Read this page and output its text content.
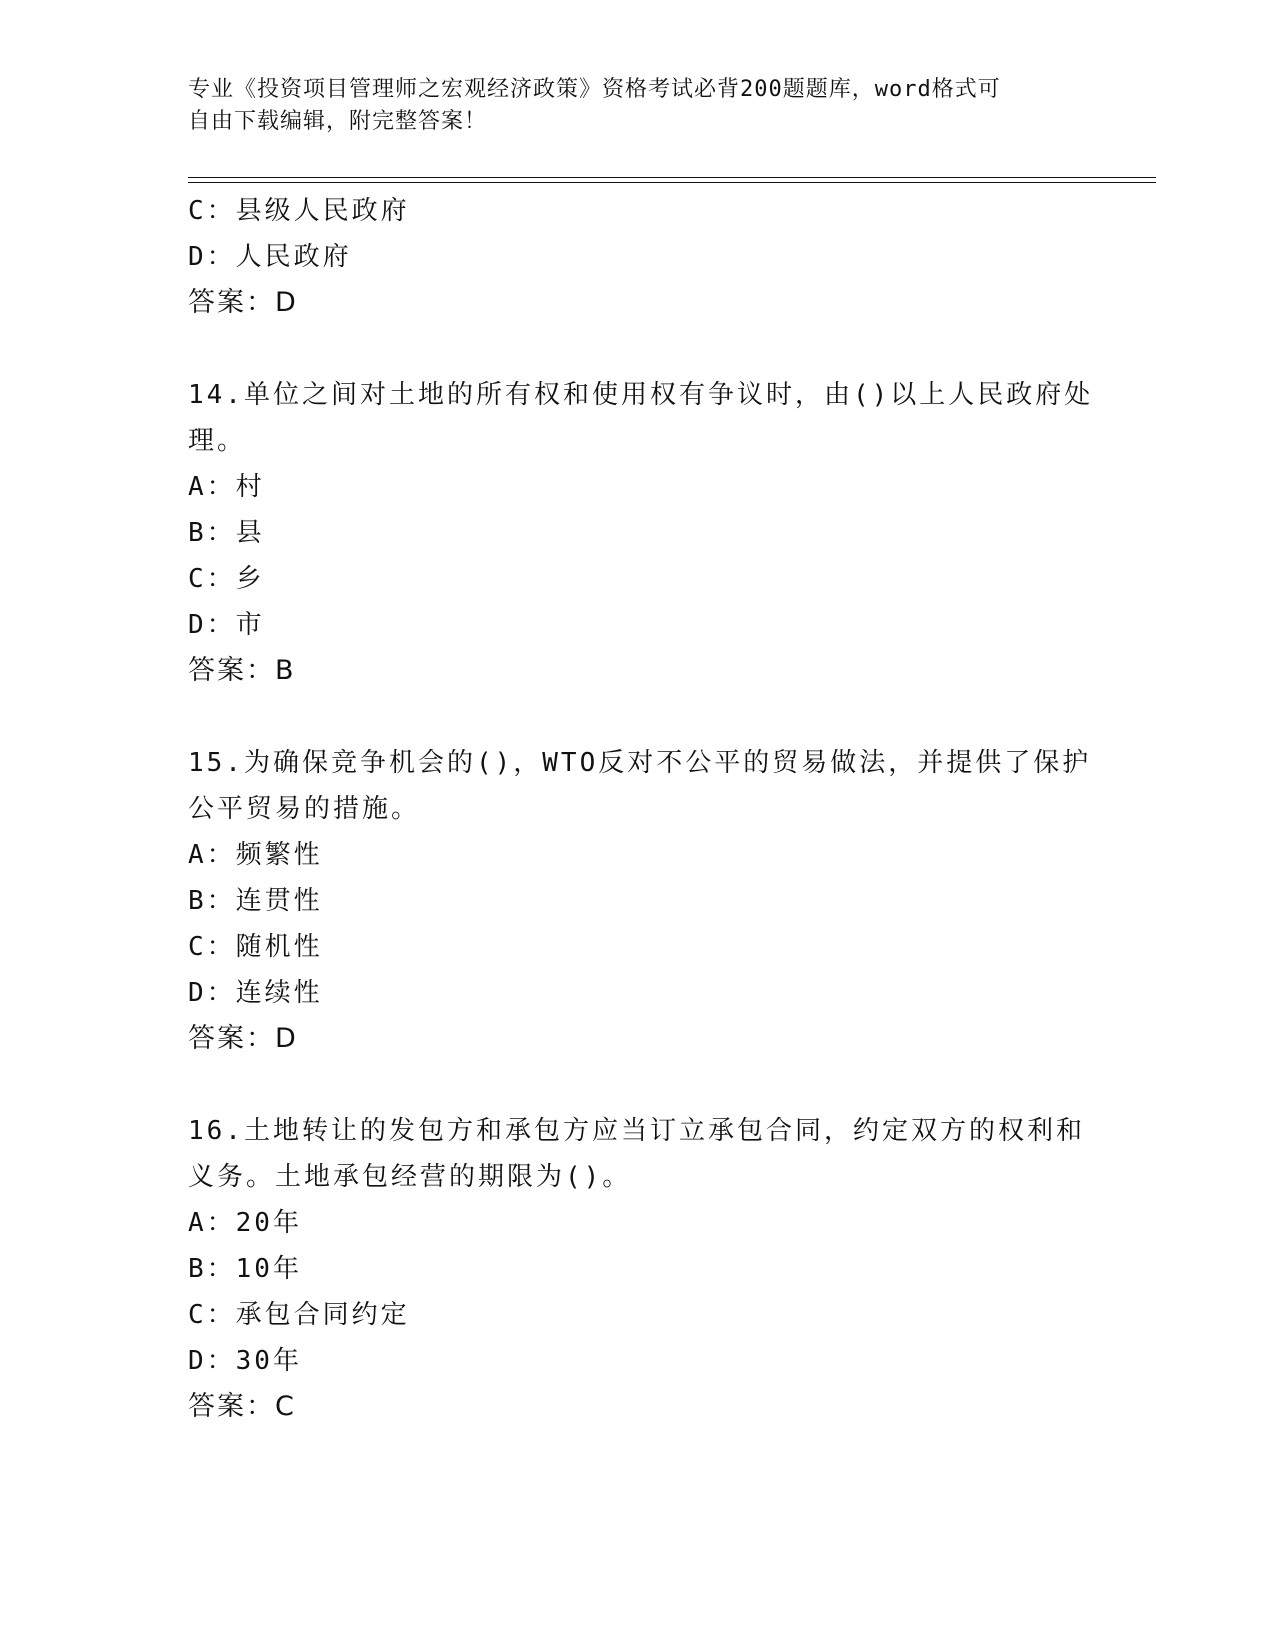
专业《投资项目管理师之宏观经济政策》资格考试必背200题题库，word格式可
自由下载编辑，附完整答案！
C：县级人民政府
D：人民政府
答案：D
14.单位之间对土地的所有权和使用权有争议时，由()以上人民政府处
理。
A：村
B：县
C：乡
D：市
答案：B
15.为确保竞争机会的()，WTO反对不公平的贸易做法，并提供了保护
公平贸易的措施。
A：频繁性
B：连贯性
C：随机性
D：连续性
答案：D
16.土地转让的发包方和承包方应当订立承包合同，约定双方的权利和
义务。土地承包经营的期限为()。
A：20年
B：10年
C：承包合同约定
D：30年
答案：C
